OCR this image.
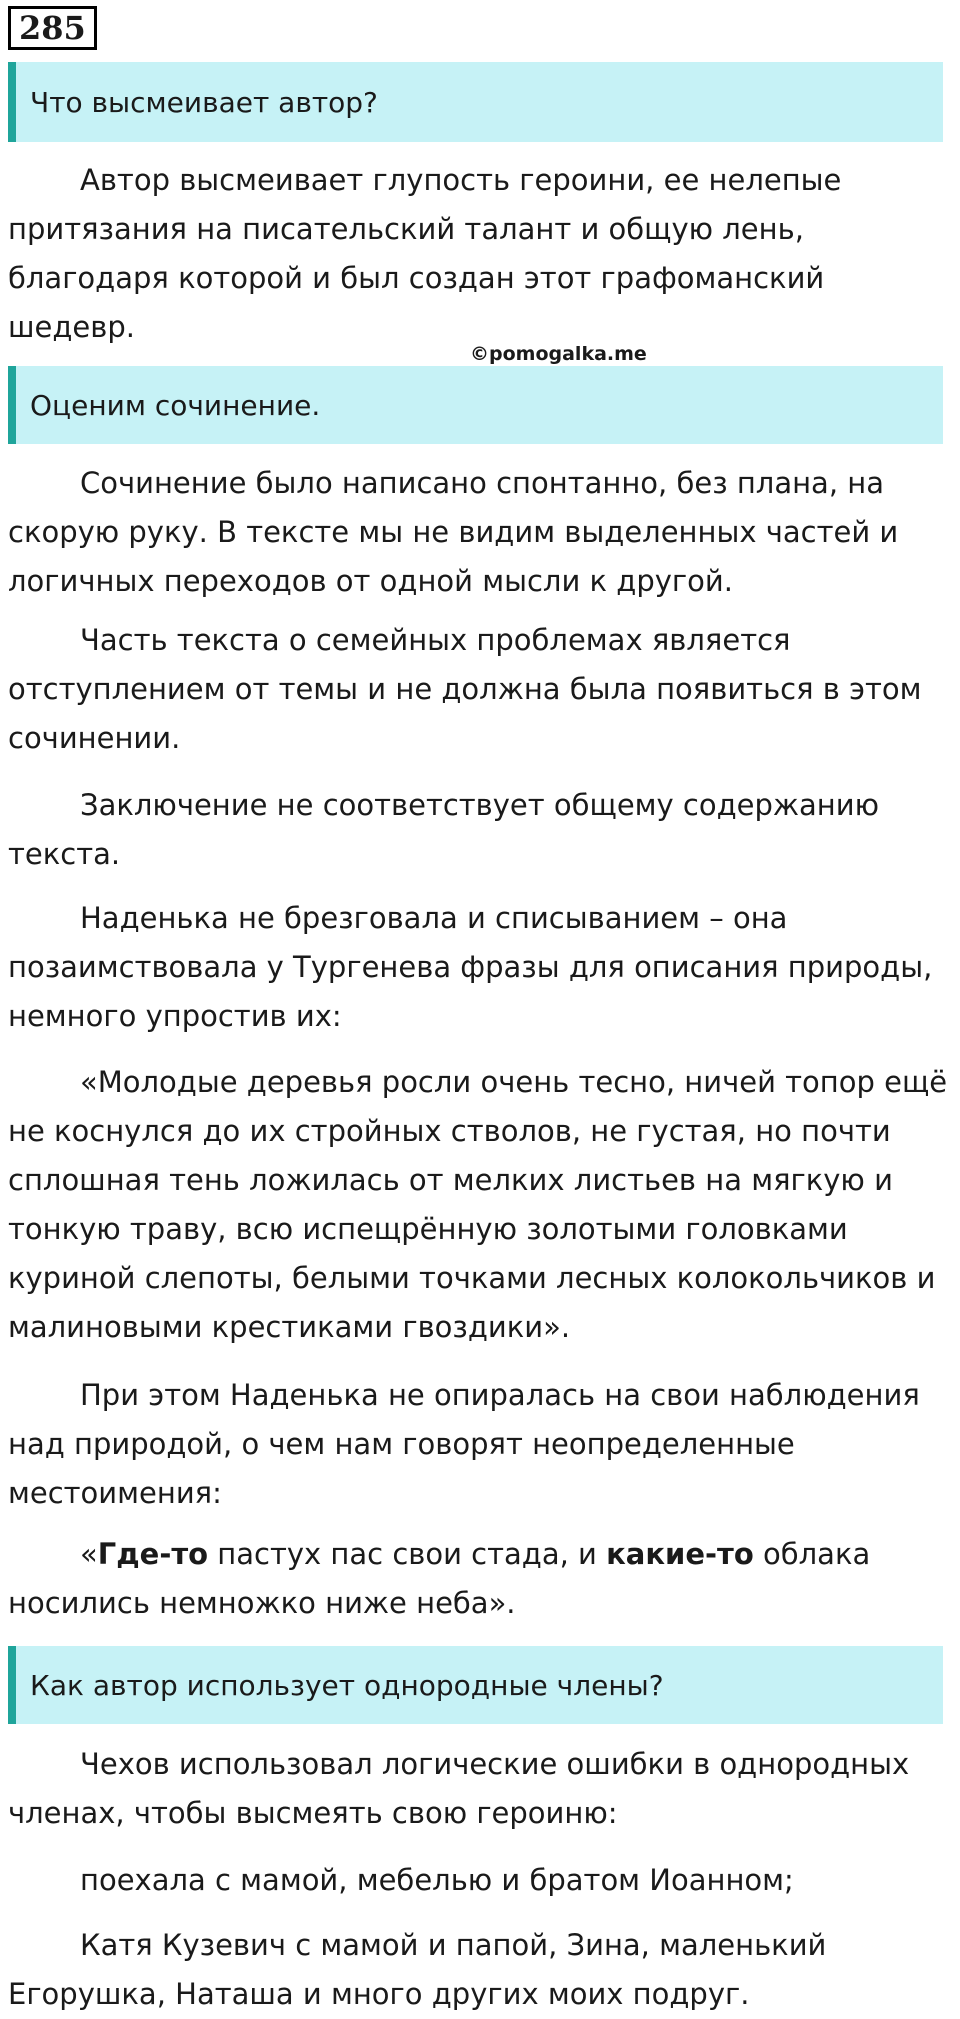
285
Что высмеивает автор?
Автор высмеивает глупость героини, ее нелепые притязания на писательский талант и общую лень, благодаря которой и был создан этот графоманский шедевр.
©pomogalka.me
Оценим сочинение.
Сочинение было написано спонтанно, без плана, на скорую руку. В тексте мы не видим выделенных частей и логичных переходов от одной мысли к другой.
Часть текста о семейных проблемах является отступлением от темы и не должна была появиться в этом сочинении.
Заключение не соответствует общему содержанию текста.
Наденька не брезговала и списыванием – она позаимствовала у Тургенева фразы для описания природы, немного упростив их:
«Молодые деревья росли очень тесно, ничей топор ещё не коснулся до их стройных стволов, не густая, но почти сплошная тень ложилась от мелких листьев на мягкую и тонкую траву, всю испещрённую золотыми головками куриной слепоты, белыми точками лесных колокольчиков и малиновыми крестиками гвоздики».
При этом Наденька не опиралась на свои наблюдения над природой, о чем нам говорят неопределенные местоимения:
«Где-то пастух пас свои стада, и какие-то облака носились немножко ниже неба».
Как автор использует однородные члены?
Чехов использовал логические ошибки в однородных членах, чтобы высмеять свою героиню:
поехала с мамой, мебелью и братом Иоанном;
Катя Кузевич с мамой и папой, Зина, маленький Егорушка, Наташа и много других моих подруг.
